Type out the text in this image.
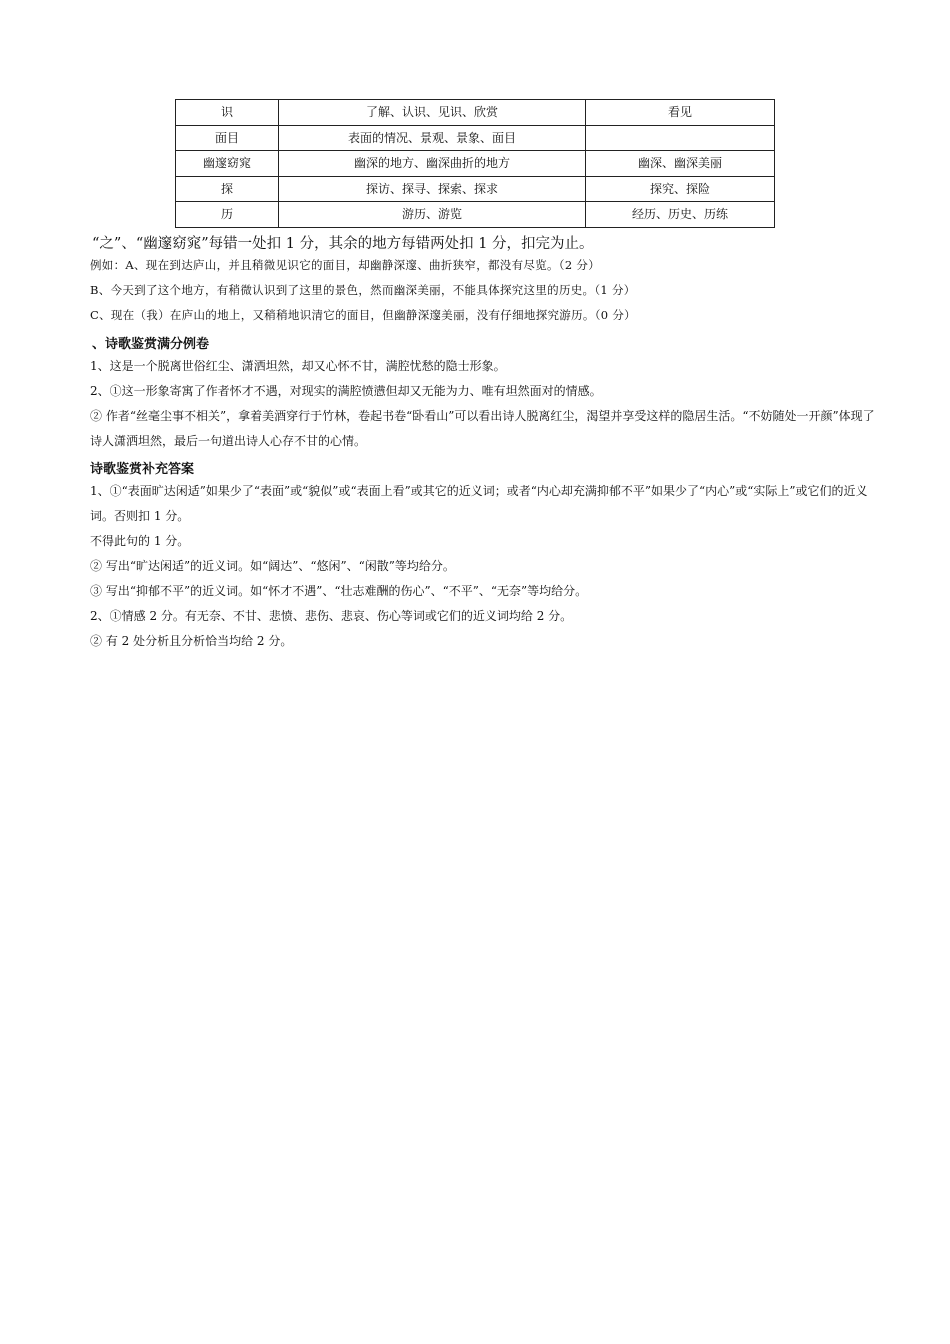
识	了解、认识、见识、欣赏	看见
面目	表面的情况、景观、景象、面目	
幽邃窈窕	幽深的地方、幽深曲折的地方	幽深、幽深美丽
探	探访、探寻、探索、探求	探究、探险
历	游历、游览	经历、历史、历练
“之”、“幽邃窈窕”每错一处扣 1 分，其余的地方每错两处扣 1 分，扣完为止。
例如：A、现在到达庐山，并且稍微见识它的面目，却幽静深邃、曲折狭窄，都没有尽览。（2 分）
B、今天到了这个地方，有稍微认识到了这里的景色，然而幽深美丽，不能具体探究这里的历史。（1 分）
C、现在（我）在庐山的地上，又稍稍地识清它的面目，但幽静深邃美丽，没有仔细地探究游历。（0 分）
、诗歌鉴赏满分例卷
1、这是一个脱离世俗红尘、潇洒坦然，却又心怀不甘，满腔忧愁的隐士形象。
2、①这一形象寄寓了作者怀才不遇，对现实的满腔愤懑但却又无能为力、唯有坦然面对的情感。
② 作者“丝毫尘事不相关”，拿着美酒穿行于竹林，卷起书卷“卧看山”可以看出诗人脱离红尘，渴望并享受这样的隐居生活。“不妨随处一开颜”体现了诗人潇洒坦然，最后一句道出诗人心存不甘的心情。
诗歌鉴赏补充答案
1、①“表面旷达闲适”如果少了“表面”或“貌似”或“表面上看”或其它的近义词；或者“内心却充满抑郁不平”如果少了“内心”或“实际上”或它们的近义词。否则扣 1 分。
不得此句的 1 分。
② 写出“旷达闲适”的近义词。如“阔达”、“悠闲”、“闲散”等均给分。
③ 写出“抑郁不平”的近义词。如“怀才不遇”、“壮志难酬的伤心”、“不平”、“无奈”等均给分。
2、①情感 2 分。有无奈、不甘、悲愤、悲伤、悲哀、伤心等词或它们的近义词均给 2 分。
② 有 2 处分析且分析恰当均给 2 分。
